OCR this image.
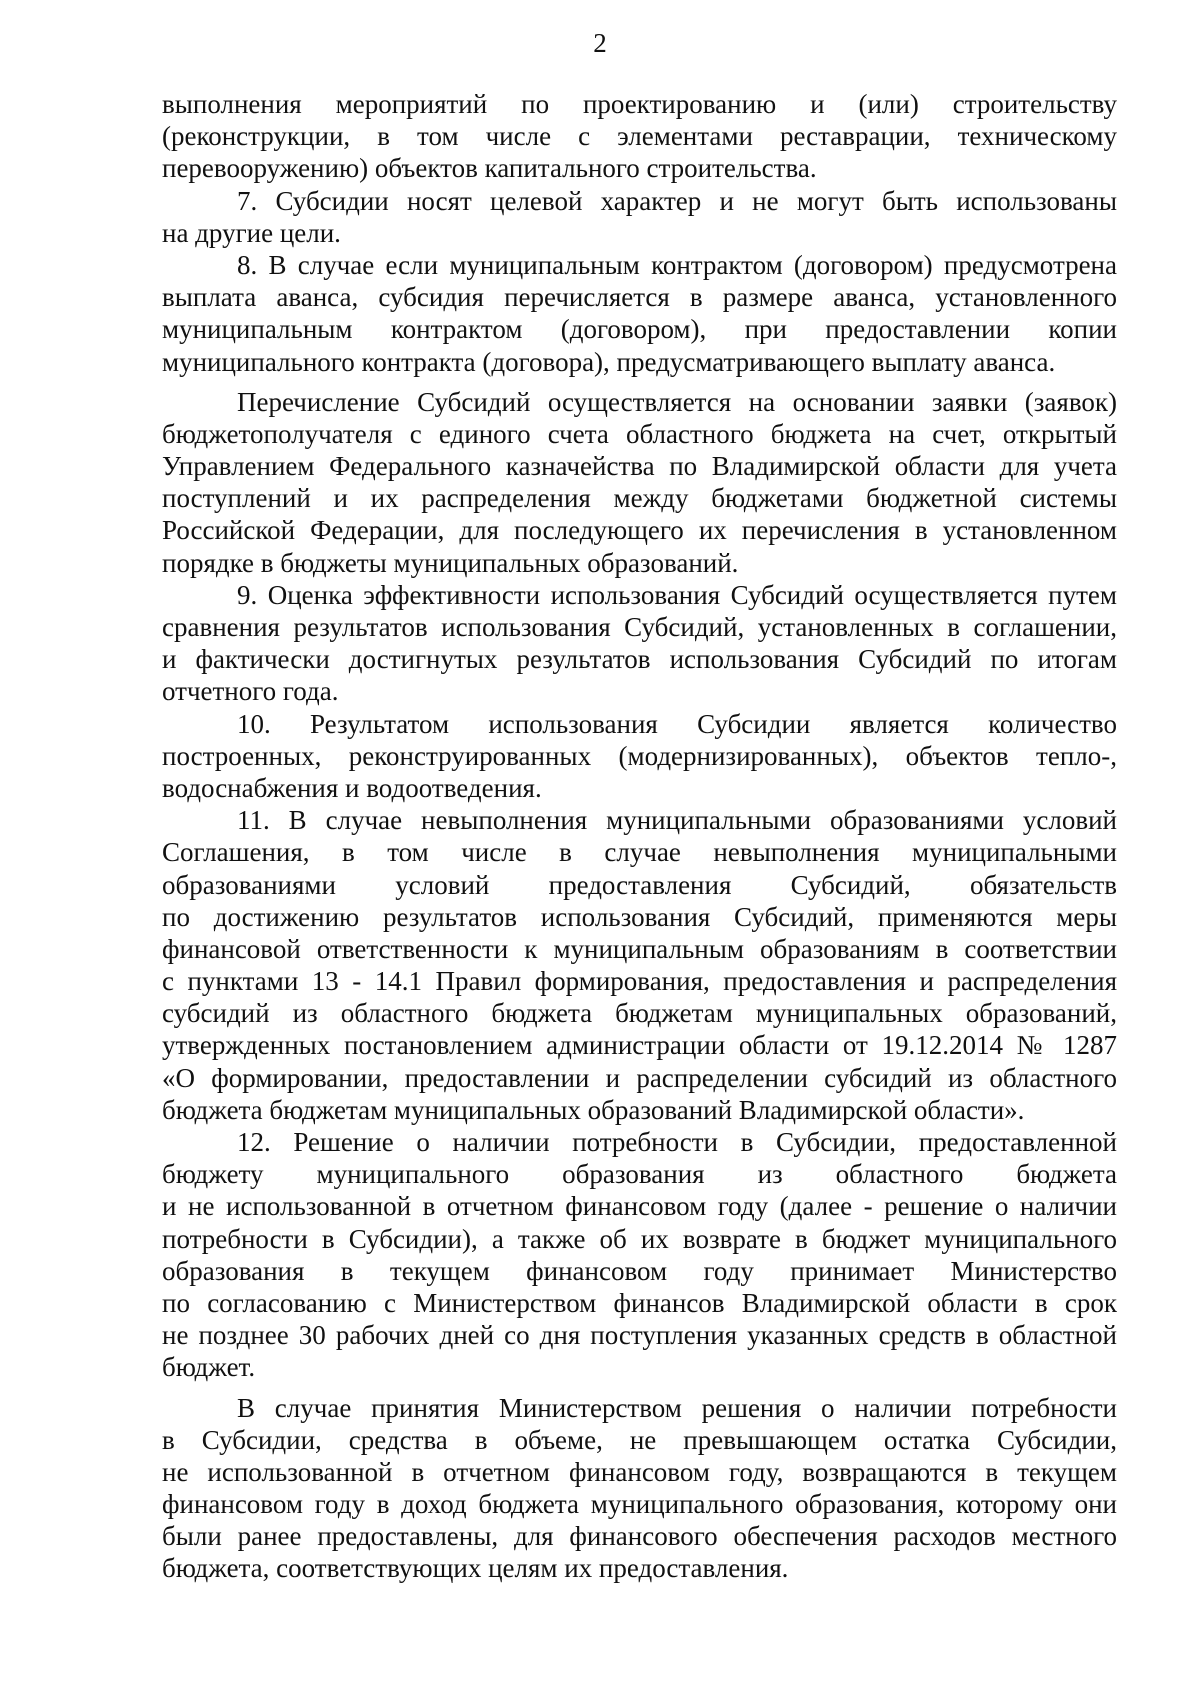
2
выполнения мероприятий по проектированию и (или) строительству
(реконструкции, в том числе с элементами реставрации, техническому
перевооружению) объектов капитального строительства.
7. Субсидии носят целевой характер и не могут быть использованы
на другие цели.
8. В случае если муниципальным контрактом (договором) предусмотрена
выплата аванса, субсидия перечисляется в размере аванса, установленного
муниципальным контрактом (договором), при предоставлении копии
муниципального контракта (договора), предусматривающего выплату аванса.
Перечисление Субсидий осуществляется на основании заявки (заявок)
бюджетополучателя с единого счета областного бюджета на счет, открытый
Управлением Федерального казначейства по Владимирской области для учета
поступлений и их распределения между бюджетами бюджетной системы
Российской Федерации, для последующего их перечисления в установленном
порядке в бюджеты муниципальных образований.
9. Оценка эффективности использования Субсидий осуществляется путем
сравнения результатов использования Субсидий, установленных в соглашении,
и фактически достигнутых результатов использования Субсидий по итогам
отчетного года.
10. Результатом использования Субсидии является количество
построенных, реконструированных (модернизированных), объектов тепло-,
водоснабжения и водоотведения.
11. В случае невыполнения муниципальными образованиями условий
Соглашения, в том числе в случае невыполнения муниципальными
образованиями условий предоставления Субсидий, обязательств
по достижению результатов использования Субсидий, применяются меры
финансовой ответственности к муниципальным образованиям в соответствии
с пунктами 13 - 14.1 Правил формирования, предоставления и распределения
субсидий из областного бюджета бюджетам муниципальных образований,
утвержденных постановлением администрации области от 19.12.2014 № 1287
«О формировании, предоставлении и распределении субсидий из областного
бюджета бюджетам муниципальных образований Владимирской области».
12. Решение о наличии потребности в Субсидии, предоставленной
бюджету муниципального образования из областного бюджета
и не использованной в отчетном финансовом году (далее - решение о наличии
потребности в Субсидии), а также об их возврате в бюджет муниципального
образования в текущем финансовом году принимает Министерство
по согласованию с Министерством финансов Владимирской области в срок
не позднее 30 рабочих дней со дня поступления указанных средств в областной
бюджет.
В случае принятия Министерством решения о наличии потребности
в Субсидии, средства в объеме, не превышающем остатка Субсидии,
не использованной в отчетном финансовом году, возвращаются в текущем
финансовом году в доход бюджета муниципального образования, которому они
были ранее предоставлены, для финансового обеспечения расходов местного
бюджета, соответствующих целям их предоставления.
